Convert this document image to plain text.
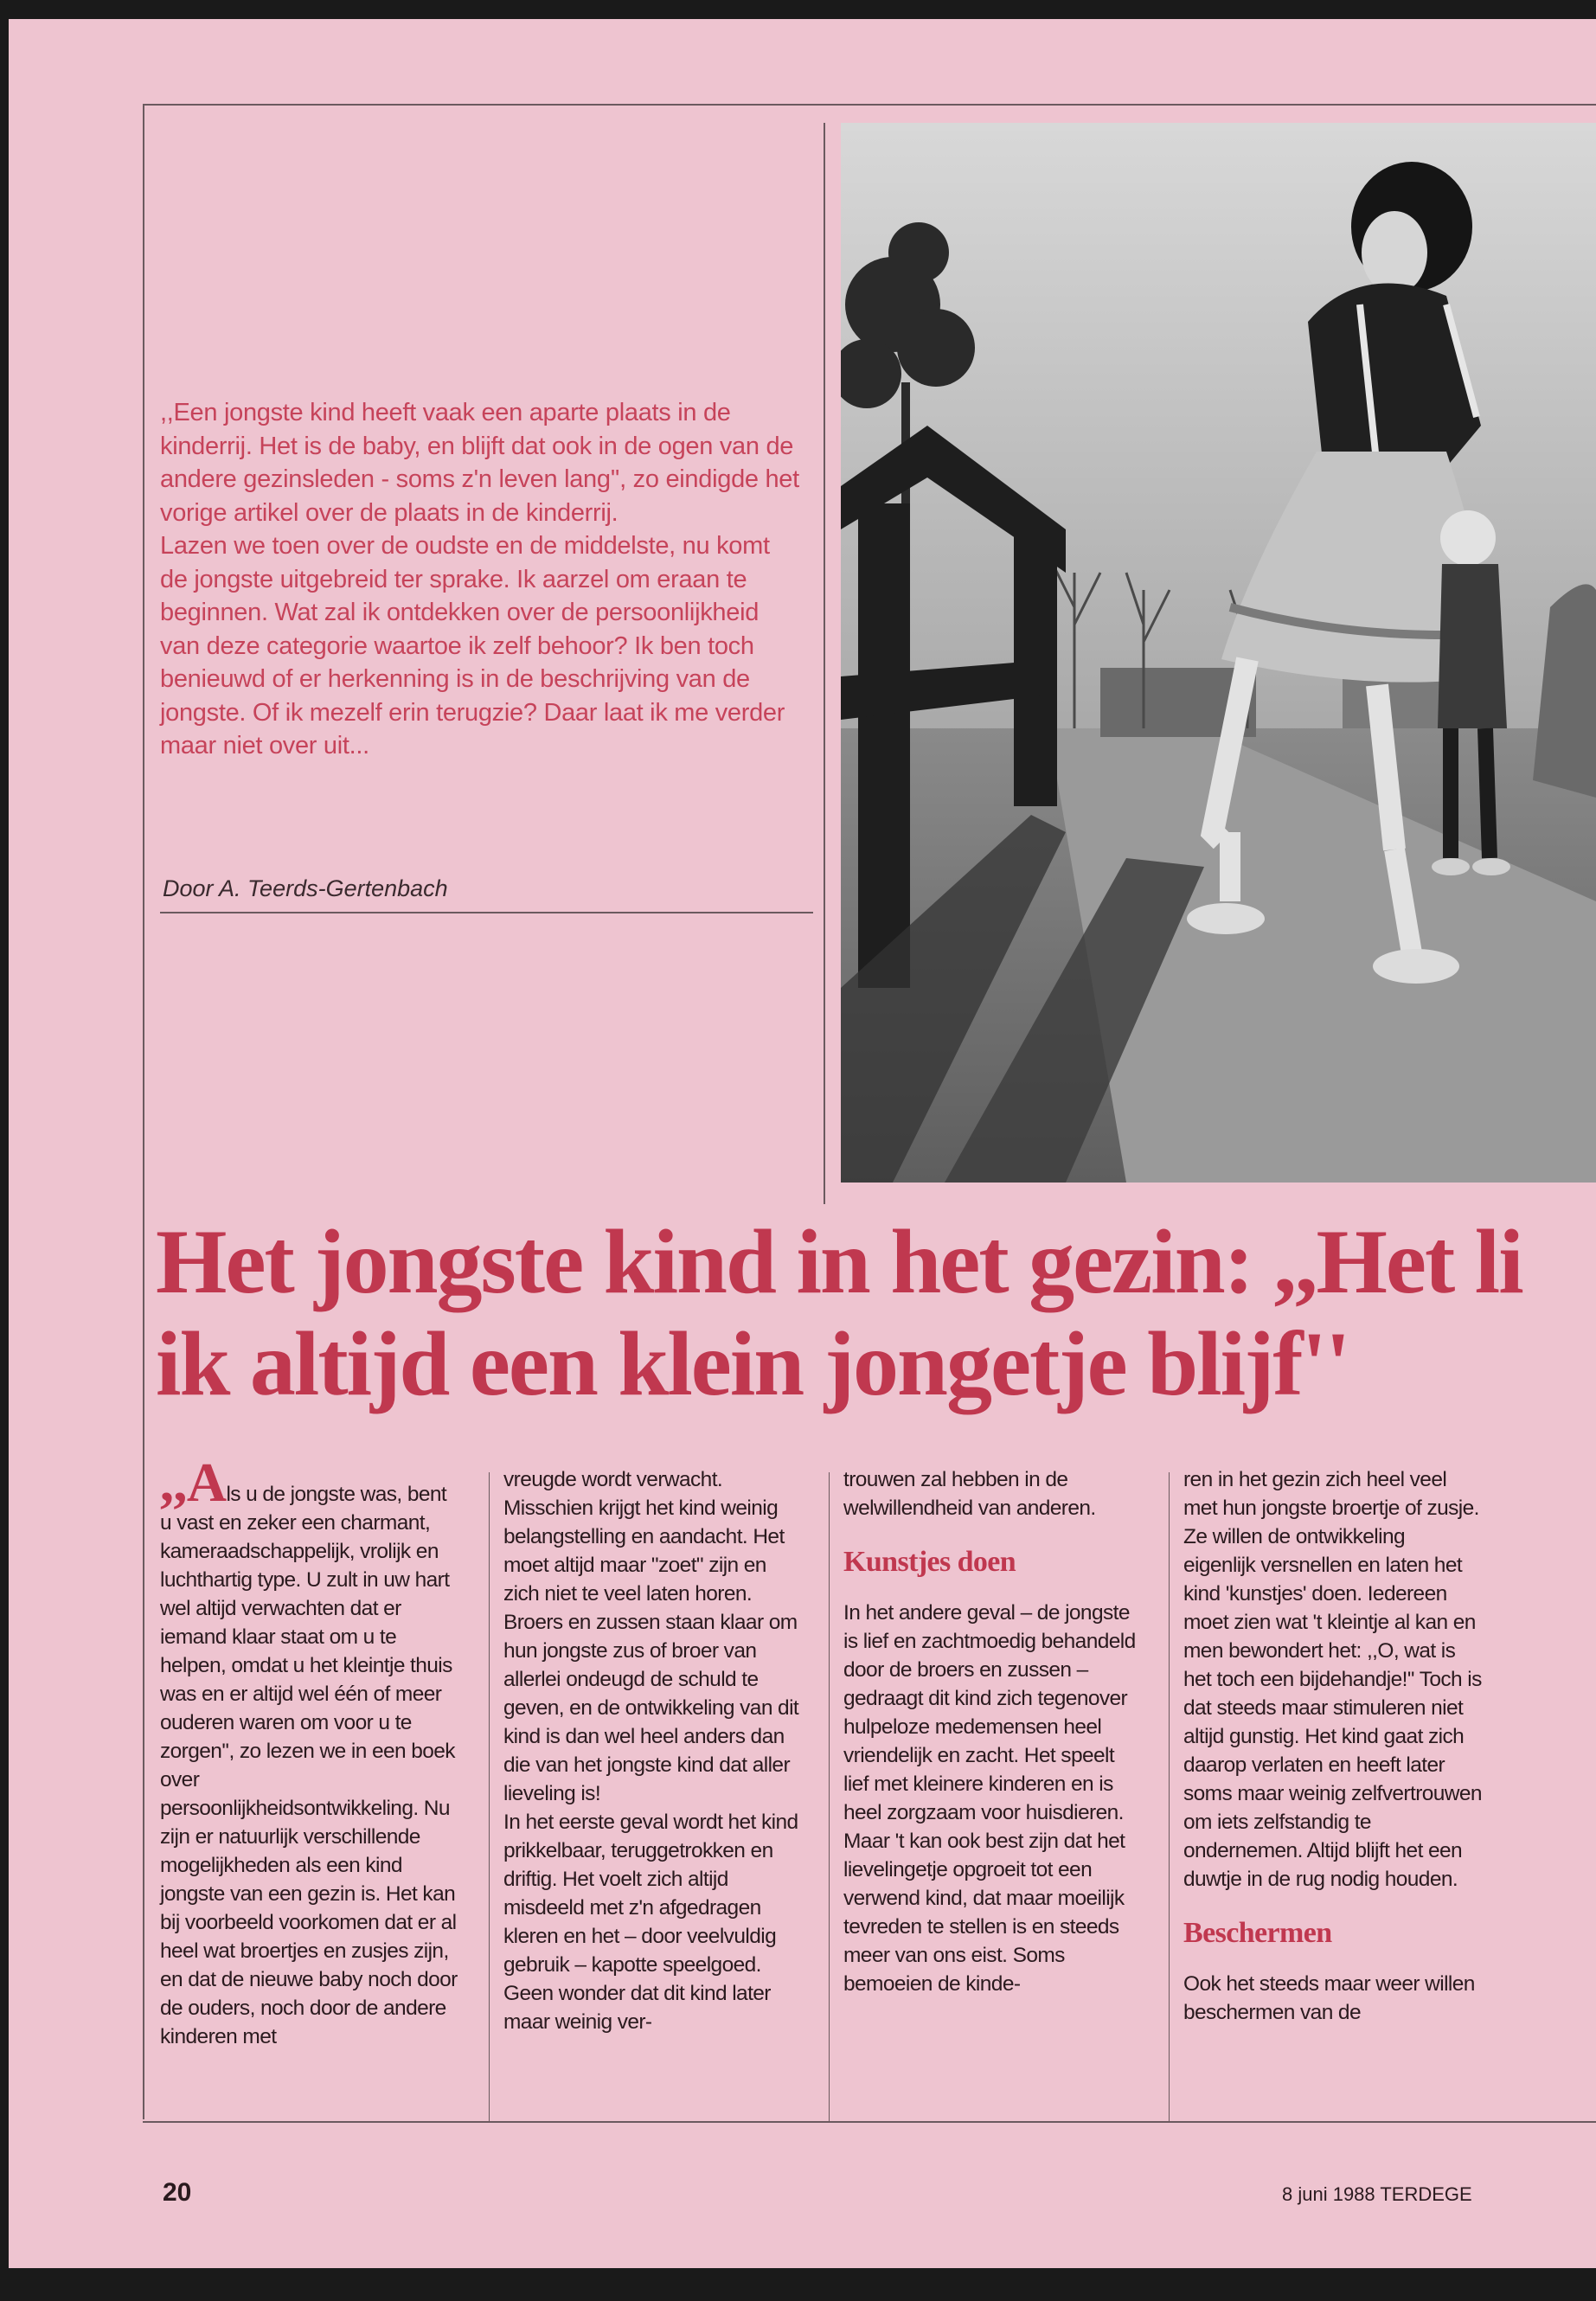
,,Een jongste kind heeft vaak een aparte plaats in de kinderrij. Het is de baby, en blijft dat ook in de ogen van de andere gezinsleden - soms z'n leven lang'', zo eindigde het vorige artikel over de plaats in de kinderrij.

Lazen we toen over de oudste en de middelste, nu komt de jongste uitgebreid ter sprake. Ik aarzel om eraan te beginnen. Wat zal ik ontdekken over de persoonlijkheid van deze categorie waartoe ik zelf behoor? Ik ben toch benieuwd of er herkenning is in de beschrijving van de jongste. Of ik mezelf erin terugzie? Daar laat ik me verder maar niet over uit...

Door A. Teerds-Gertenbach
Het jongste kind in het gezin: ,,Het li
ik altijd een klein jongetje blijf''

,,Als u de jongste was, bent u vast en zeker een charmant, kameraadschappelijk, vrolijk en luchthartig type. U zult in uw hart wel altijd verwachten dat er iemand klaar staat om u te helpen, omdat u het kleintje thuis was en er altijd wel één of meer ouderen waren om voor u te zorgen'', zo lezen we in een boek over persoonlijkheidsontwikkeling. Nu zijn er natuurlijk verschillende mogelijkheden als een kind jongste van een gezin is. Het kan bij voorbeeld voorkomen dat er al heel wat broertjes en zusjes zijn, en dat de nieuwe baby noch door de ouders, noch door de andere kinderen met

vreugde wordt verwacht. Misschien krijgt het kind weinig belangstelling en aandacht. Het moet altijd maar "zoet" zijn en zich niet te veel laten horen. Broers en zussen staan klaar om hun jongste zus of broer van allerlei ondeugd de schuld te geven, en de ontwikkeling van dit kind is dan wel heel anders dan die van het jongste kind dat aller lieveling is!

In het eerste geval wordt het kind prikkelbaar, teruggetrokken en driftig. Het voelt zich altijd misdeeld met z'n afgedragen kleren en het – door veelvuldig gebruik – kapotte speelgoed. Geen wonder dat dit kind later maar weinig ver-

trouwen zal hebben in de welwillendheid van anderen.

Kunstjes doen

In het andere geval – de jongste is lief en zachtmoedig behandeld door de broers en zussen – gedraagt dit kind zich tegenover hulpeloze medemensen heel vriendelijk en zacht. Het speelt lief met kleinere kinderen en is heel zorgzaam voor huisdieren. Maar 't kan ook best zijn dat het lievelingetje opgroeit tot een verwend kind, dat maar moeilijk tevreden te stellen is en steeds meer van ons eist. Soms bemoeien de kinde-

ren in het gezin zich heel veel met hun jongste broertje of zusje. Ze willen de ontwikkeling eigenlijk versnellen en laten het kind 'kunstjes' doen. Iedereen moet zien wat 't kleintje al kan en men bewondert het: ,,O, wat is het toch een bijdehandje!'' Toch is dat steeds maar stimuleren niet altijd gunstig. Het kind gaat zich daarop verlaten en heeft later soms maar weinig zelfvertrouwen om iets zelfstandig te ondernemen. Altijd blijft het een duwtje in de rug nodig houden.

Beschermen

Ook het steeds maar weer willen beschermen van de

20	8 juni 1988 TERDEGE
